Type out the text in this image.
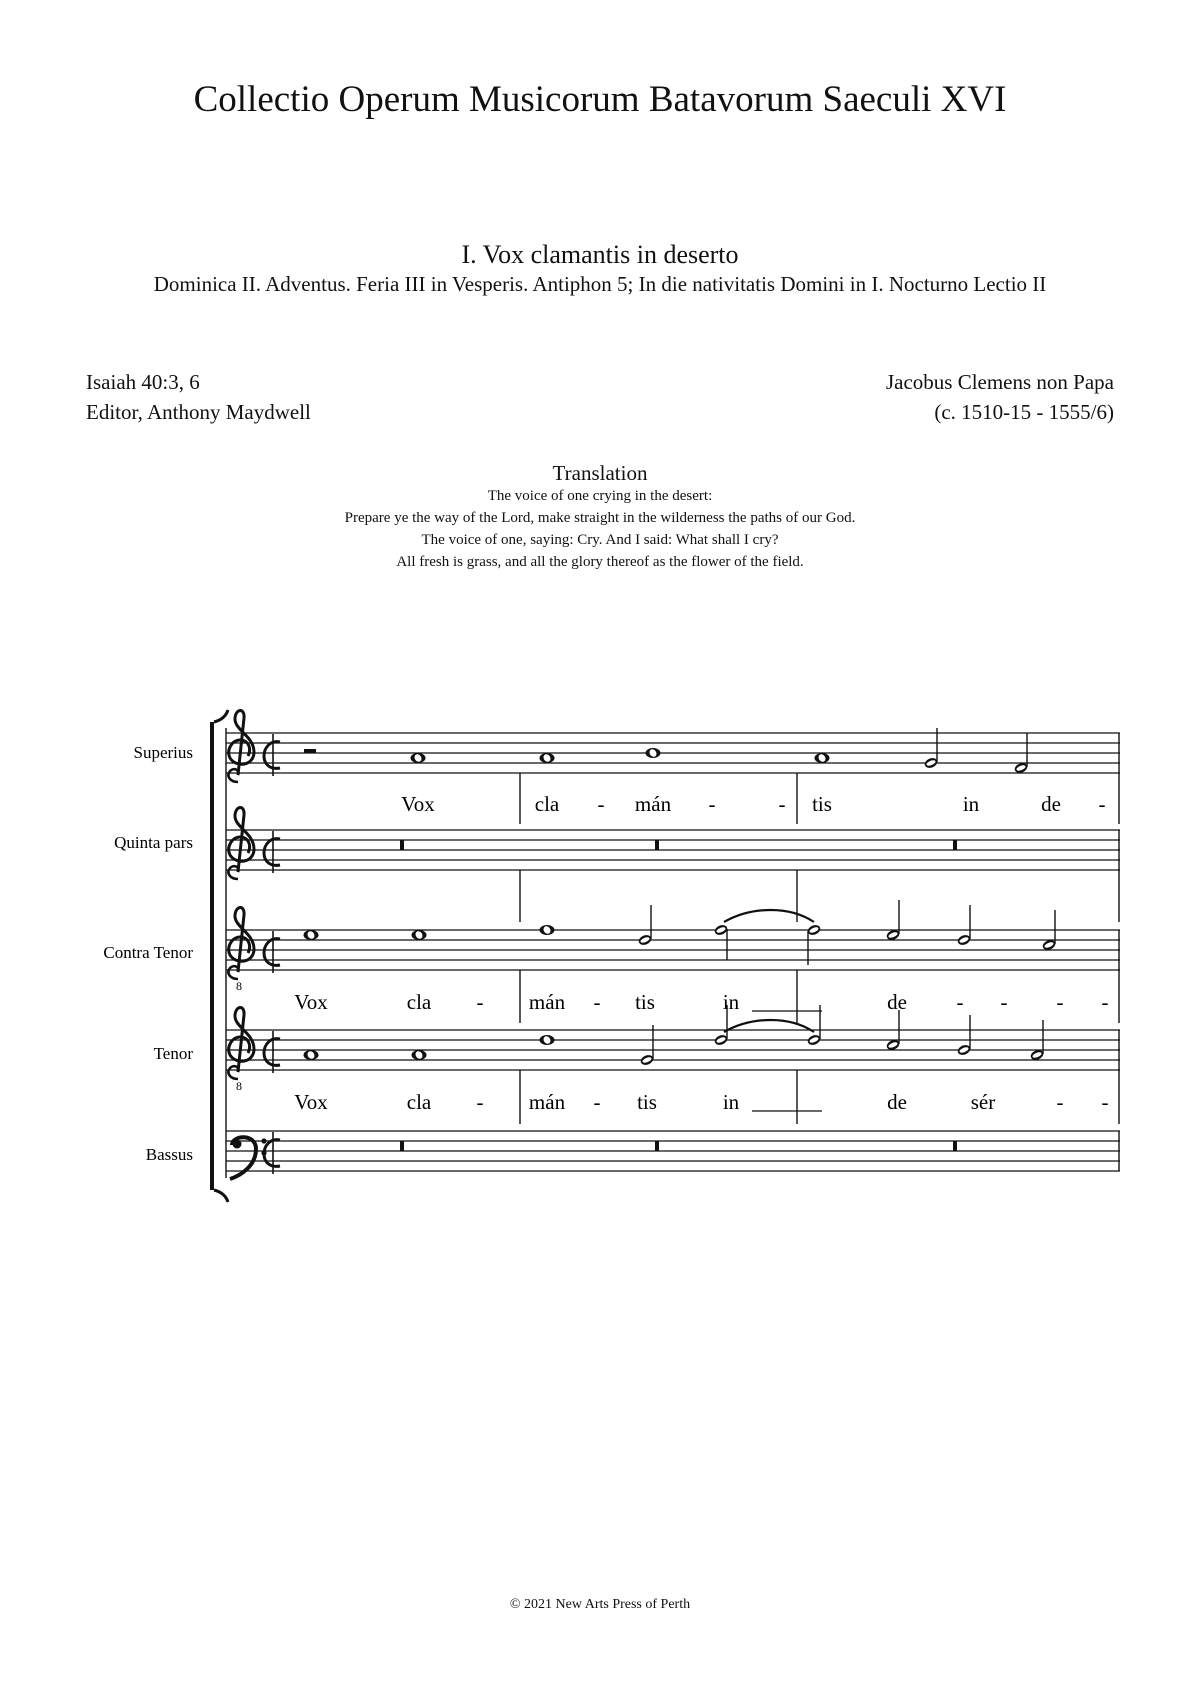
Collectio Operum Musicorum Batavorum Saeculi XVI
I. Vox clamantis in deserto
Dominica II. Adventus. Feria III in Vesperis. Antiphon 5; In die nativitatis Domini in I. Nocturno Lectio II
Isaiah 40:3, 6
Editor, Anthony Maydwell
Jacobus Clemens non Papa
(c. 1510-15 - 1555/6)
Translation
The voice of one crying in the desert:
Prepare ye the way of the Lord, make straight in the wilderness the paths of our God.
The voice of one, saying: Cry. And I said: What shall I cry?
All fresh is grass, and all the glory thereof as the flower of the field.
Superius
Quinta pars
Contra Tenor
Tenor
Bassus
Vox	cla - mán -	- tis	in	de -
8
Vox	cla - mán - tis	in	de - - - -
8
Vox	cla - mán - tis	in	de	sér	- -
© 2021 New Arts Press of Perth
